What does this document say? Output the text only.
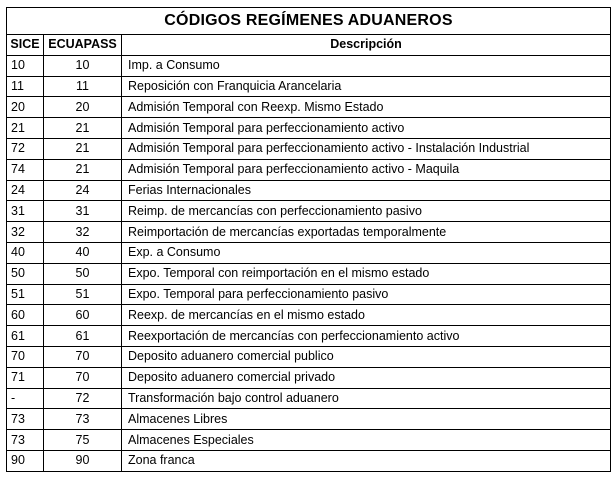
CÓDIGOS REGÍMENES ADUANEROS		
SICE	ECUAPASS	Descripción
10	10	Imp. a Consumo
11	11	Reposición con Franquicia Arancelaria
20	20	Admisión Temporal con Reexp. Mismo Estado
21	21	Admisión Temporal para perfeccionamiento activo
72	21	Admisión Temporal para perfeccionamiento activo - Instalación Industrial
74	21	Admisión Temporal para perfeccionamiento activo - Maquila
24	24	Ferias Internacionales
31	31	Reimp. de mercancías con perfeccionamiento pasivo
32	32	Reimportación de mercancías exportadas temporalmente
40	40	Exp. a Consumo
50	50	Expo. Temporal con reimportación en el mismo estado
51	51	Expo. Temporal para perfeccionamiento pasivo
60	60	Reexp. de mercancías en el mismo estado
61	61	Reexportación de mercancías con perfeccionamiento activo
70	70	Deposito aduanero comercial publico
71	70	Deposito aduanero comercial privado
-	72	Transformación bajo control aduanero
73	73	Almacenes Libres
73	75	Almacenes Especiales
90	90	Zona franca
